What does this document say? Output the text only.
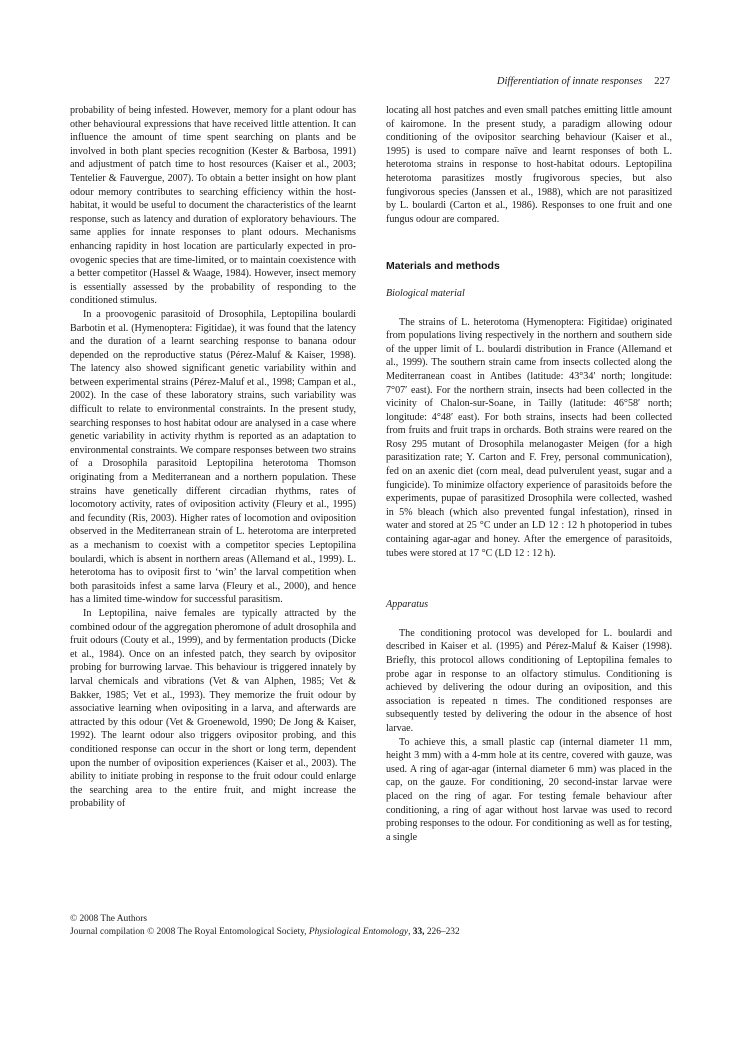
Differentiation of innate responses 227

probability of being infested. However, memory for a plant odour has other behavioural expressions that have received little attention. It can influence the amount of time spent searching on plants and be involved in both plant species recognition (Kester & Barbosa, 1991) and adjustment of patch time to host resources (Kaiser et al., 2003; Tentelier & Fauvergue, 2007). To obtain a better insight on how plant odour memory contributes to searching efficiency within the host-habitat, it would be useful to document the characteristics of the learnt response, such as latency and duration of exploratory behaviours. The same applies for innate responses to plant odours. Mechanisms enhancing rapidity in host location are particularly expected in pro-ovogenic species that are time-limited, or to maintain coexistence with a better competitor (Hassel & Waage, 1984). However, insect memory is essentially assessed by the probability of responding to the conditioned stimulus.

In a proovogenic parasitoid of Drosophila, Leptopilina boulardi Barbotin et al. (Hymenoptera: Figitidae), it was found that the latency and the duration of a learnt searching response to banana odour depended on the reproductive status (Pérez-Maluf & Kaiser, 1998). The latency also showed significant genetic variability within and between experimental strains (Pérez-Maluf et al., 1998; Campan et al., 2002). In the case of these laboratory strains, such variability was difficult to relate to environmental constraints. In the present study, searching responses to host habitat odour are analysed in a case where genetic variability in activity rhythm is reported as an adaptation to environmental constraints. We compare responses between two strains of a Drosophila parasitoid Leptopilina heterotoma Thomson originating from a Mediterranean and a northern population. These strains have genetically different circadian rhythms, rates of locomotory activity, rates of oviposition activity (Fleury et al., 1995) and fecundity (Ris, 2003). Higher rates of locomotion and oviposition observed in the Mediterranean strain of L. heterotoma are interpreted as a mechanism to coexist with a competitor species Leptopilina boulardi, which is absent in northern areas (Allemand et al., 1999). L. heterotoma has to oviposit first to ‘win’ the larval competition when both parasitoids infest a same larva (Fleury et al., 2000), and hence has a limited time-window for successful parasitism.

In Leptopilina, naive females are typically attracted by the combined odour of the aggregation pheromone of adult drosophila and fruit odours (Couty et al., 1999), and by fermentation products (Dicke et al., 1984). Once on an infested patch, they search by ovipositor probing for burrowing larvae. This behaviour is triggered innately by larval chemicals and vibrations (Vet & van Alphen, 1985; Vet & Bakker, 1985; Vet et al., 1993). They memorize the fruit odour by associative learning when ovipositing in a larva, and afterwards are attracted by this odour (Vet & Groenewold, 1990; De Jong & Kaiser, 1992). The learnt odour also triggers ovipositor probing, and this conditioned response can occur in the short or long term, dependent upon the number of oviposition experiences (Kaiser et al., 2003). The ability to initiate probing in response to the fruit odour could enlarge the searching area to the entire fruit, and might increase the probability of

locating all host patches and even small patches emitting little amount of kairomone. In the present study, a paradigm allowing odour conditioning of the ovipositor searching behaviour (Kaiser et al., 1995) is used to compare naïve and learnt responses of both L. heterotoma strains in response to host-habitat odours. Leptopilina heterotoma parasitizes mostly frugivorous species, but also fungivorous species (Janssen et al., 1988), which are not parasitized by L. boulardi (Carton et al., 1986). Responses to one fruit and one fungus odour are compared.

Materials and methods
Biological material

The strains of L. heterotoma (Hymenoptera: Figitidae) originated from populations living respectively in the northern and southern side of the upper limit of L. boulardi distribution in France (Allemand et al., 1999). The southern strain came from insects collected along the Mediterranean coast in Antibes (latitude: 43°34′ north; longitude: 7°07′ east). For the northern strain, insects had been collected in the vicinity of Chalon-sur-Soane, in Tailly (latitude: 46°58′ north; longitude: 4°48′ east). For both strains, insects had been collected from fruits and fruit traps in orchards. Both strains were reared on the Rosy 295 mutant of Drosophila melanogaster Meigen (for a high parasitization rate; Y. Carton and F. Frey, personal communication), fed on an axenic diet (corn meal, dead pulverulent yeast, sugar and a fungicide). To minimize olfactory experience of parasitoids before the experiments, pupae of parasitized Drosophila were collected, washed in 5% bleach (which also prevented fungal infestation), rinsed in water and stored at 25 °C under an LD 12 : 12 h photoperiod in tubes containing agar-agar and honey. After the emergence of parasitoids, tubes were stored at 17 °C (LD 12 : 12 h).

Apparatus

The conditioning protocol was developed for L. boulardi and described in Kaiser et al. (1995) and Pérez-Maluf & Kaiser (1998). Briefly, this protocol allows conditioning of Leptopilina females to probe agar in response to an olfactory stimulus. Conditioning is achieved by delivering the odour during an oviposition, and this association is repeated n times. The conditioned responses are subsequently tested by delivering the odour in the absence of host larvae.

To achieve this, a small plastic cap (internal diameter 11 mm, height 3 mm) with a 4-mm hole at its centre, covered with gauze, was used. A ring of agar-agar (internal diameter 6 mm) was placed in the cap, on the gauze. For conditioning, 20 second-instar larvae were placed on the ring of agar. For testing female behaviour after conditioning, a ring of agar without host larvae was used to record probing responses to the odour. For conditioning as well as for testing, a single

© 2008 The Authors
Journal compilation © 2008 The Royal Entomological Society, Physiological Entomology, 33, 226–232
